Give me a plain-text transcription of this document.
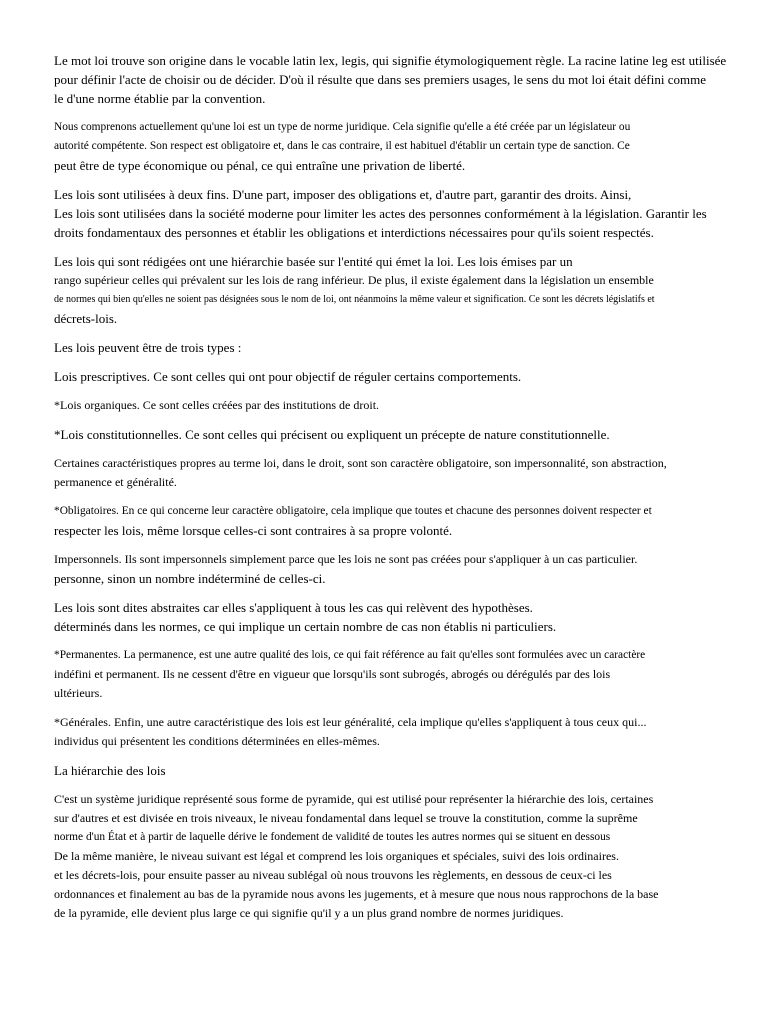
Le mot loi trouve son origine dans le vocable latin lex, legis, qui signifie étymologiquement règle. La racine latine leg est utilisée
pour définir l'acte de choisir ou de décider. D'où il résulte que dans ses premiers usages, le sens du mot loi était défini comme
le d'une norme établie par la convention.
Nous comprenons actuellement qu'une loi est un type de norme juridique. Cela signifie qu'elle a été créée par un législateur ou
autorité compétente. Son respect est obligatoire et, dans le cas contraire, il est habituel d'établir un certain type de sanction. Ce
peut être de type économique ou pénal, ce qui entraîne une privation de liberté.
Les lois sont utilisées à deux fins. D'une part, imposer des obligations et, d'autre part, garantir des droits. Ainsi,
Les lois sont utilisées dans la société moderne pour limiter les actes des personnes conformément à la législation. Garantir les
droits fondamentaux des personnes et établir les obligations et interdictions nécessaires pour qu'ils soient respectés.
Les lois qui sont rédigées ont une hiérarchie basée sur l'entité qui émet la loi. Les lois émises par un
rango supérieur celles qui prévalent sur les lois de rang inférieur. De plus, il existe également dans la législation un ensemble
de normes qui bien qu'elles ne soient pas désignées sous le nom de loi, ont néanmoins la même valeur et signification. Ce sont les décrets législatifs et
décrets-lois.
Les lois peuvent être de trois types :
Lois prescriptives. Ce sont celles qui ont pour objectif de réguler certains comportements.
*Lois organiques. Ce sont celles créées par des institutions de droit.
*Lois constitutionnelles. Ce sont celles qui précisent ou expliquent un précepte de nature constitutionnelle.
Certaines caractéristiques propres au terme loi, dans le droit, sont son caractère obligatoire, son impersonnalité, son abstraction,
permanence et généralité.
*Obligatoires. En ce qui concerne leur caractère obligatoire, cela implique que toutes et chacune des personnes doivent respecter et
respecter les lois, même lorsque celles-ci sont contraires à sa propre volonté.
Impersonnels. Ils sont impersonnels simplement parce que les lois ne sont pas créées pour s'appliquer à un cas particulier.
personne, sinon un nombre indéterminé de celles-ci.
Les lois sont dites abstraites car elles s'appliquent à tous les cas qui relèvent des hypothèses.
déterminés dans les normes, ce qui implique un certain nombre de cas non établis ni particuliers.
*Permanentes. La permanence, est une autre qualité des lois, ce qui fait référence au fait qu'elles sont formulées avec un caractère
indéfini et permanent. Ils ne cessent d'être en vigueur que lorsqu'ils sont subrogés, abrogés ou dérégulés par des lois
ultérieurs.
*Générales. Enfin, une autre caractéristique des lois est leur généralité, cela implique qu'elles s'appliquent à tous ceux qui...
individus qui présentent les conditions déterminées en elles-mêmes.
La hiérarchie des lois
C'est un système juridique représenté sous forme de pyramide, qui est utilisé pour représenter la hiérarchie des lois, certaines
sur d'autres et est divisée en trois niveaux, le niveau fondamental dans lequel se trouve la constitution, comme la suprême
norme d'un État et à partir de laquelle dérive le fondement de validité de toutes les autres normes qui se situent en dessous
De la même manière, le niveau suivant est légal et comprend les lois organiques et spéciales, suivi des lois ordinaires.
et les décrets-lois, pour ensuite passer au niveau sublégal où nous trouvons les règlements, en dessous de ceux-ci les
ordonnances et finalement au bas de la pyramide nous avons les jugements, et à mesure que nous nous rapprochons de la base
de la pyramide, elle devient plus large ce qui signifie qu'il y a un plus grand nombre de normes juridiques.
